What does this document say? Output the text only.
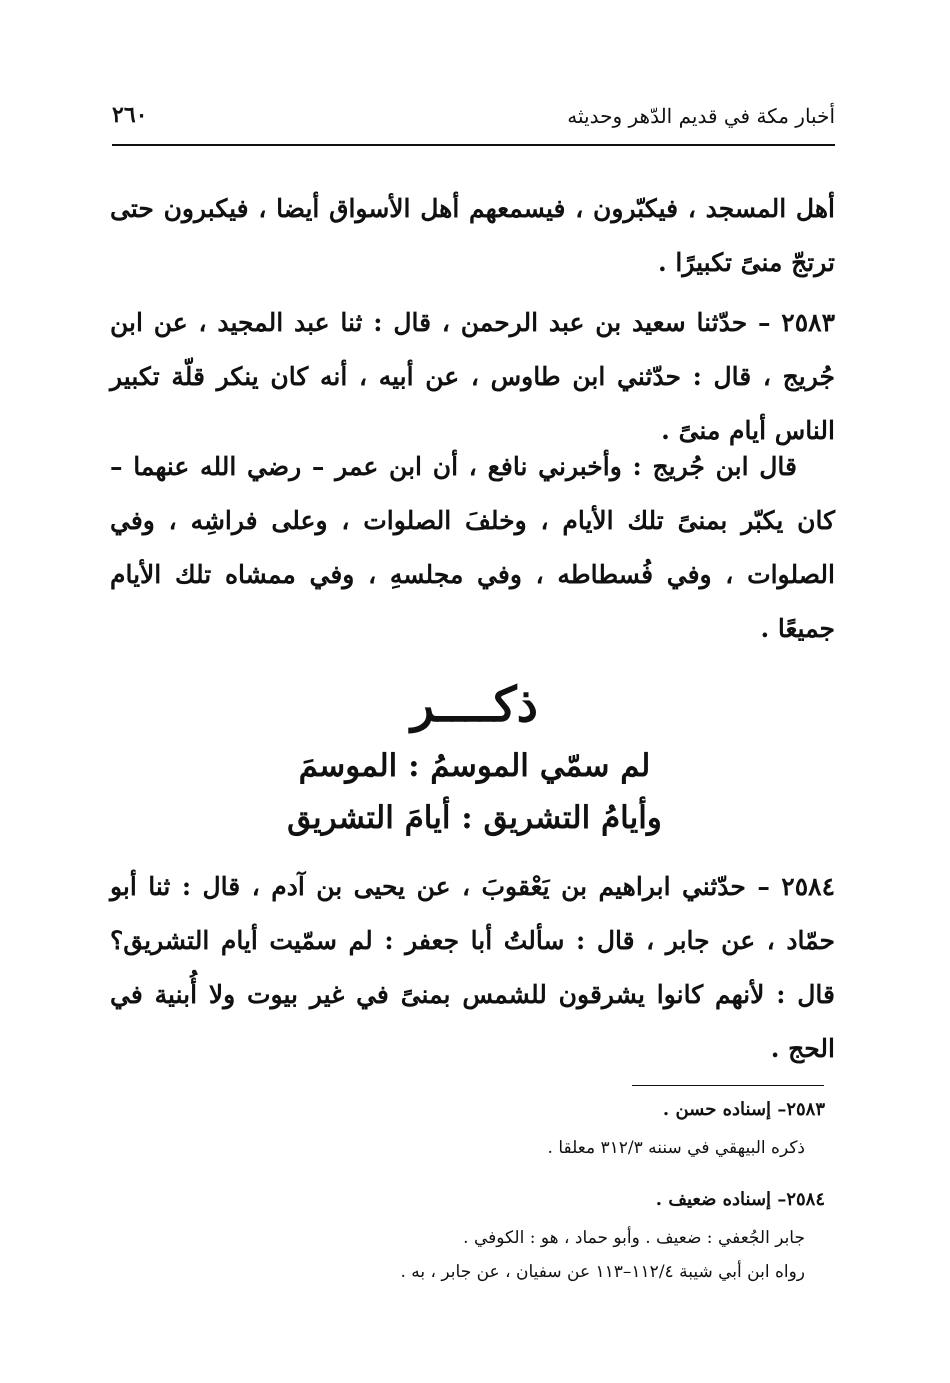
أخبار مكة في قديم الدّهر وحديثه
٢٦٠

أهل المسجد ، فيكبّرون ، فيسمعهم أهل الأسواق أيضا ، فيكبرون حتى ترتجّ منىً تكبيرًا .

٢٥٨٣ – حدّثنا سعيد بن عبد الرحمن ، قال : ثنا عبد المجيد ، عن ابن جُريج ، قال : حدّثني ابن طاوس ، عن أبيه ، أنه كان ينكر قلّة تكبير الناس أيام منىً .

قال ابن جُريج : وأخبرني نافع ، أن ابن عمر – رضي الله عنهما – كان يكبّر بمنىً تلك الأيام ، وخلفَ الصلوات ، وعلى فراشِه ، وفي الصلوات ، وفي فُسطاطه ، وفي مجلسهِ ، وفي ممشاه تلك الأيام جميعًا .

ذكــــر
لم سمّي الموسمُ : الموسمَ
وأيامُ التشريق : أيامَ التشريق

٢٥٨٤ – حدّثني ابراهيم بن يَعْقوبَ ، عن يحيى بن آدم ، قال : ثنا أبو حمّاد ، عن جابر ، قال : سألتُ أبا جعفر : لم سمّيت أيام التشريق؟ قال : لأنهم كانوا يشرقون للشمس بمنىً في غير بيوت ولا أُبنية في الحج .

٢٥٨٣– إسناده حسن .
ذكره البيهقي في سننه ٣١٢/٣ معلقا .
٢٥٨٤– إسناده ضعيف .
جابر الجُعفي : ضعيف . وأبو حماد ، هو : الكوفي .
رواه ابن أبي شيبة ١١٢/٤–١١٣ عن سفيان ، عن جابر ، به .
